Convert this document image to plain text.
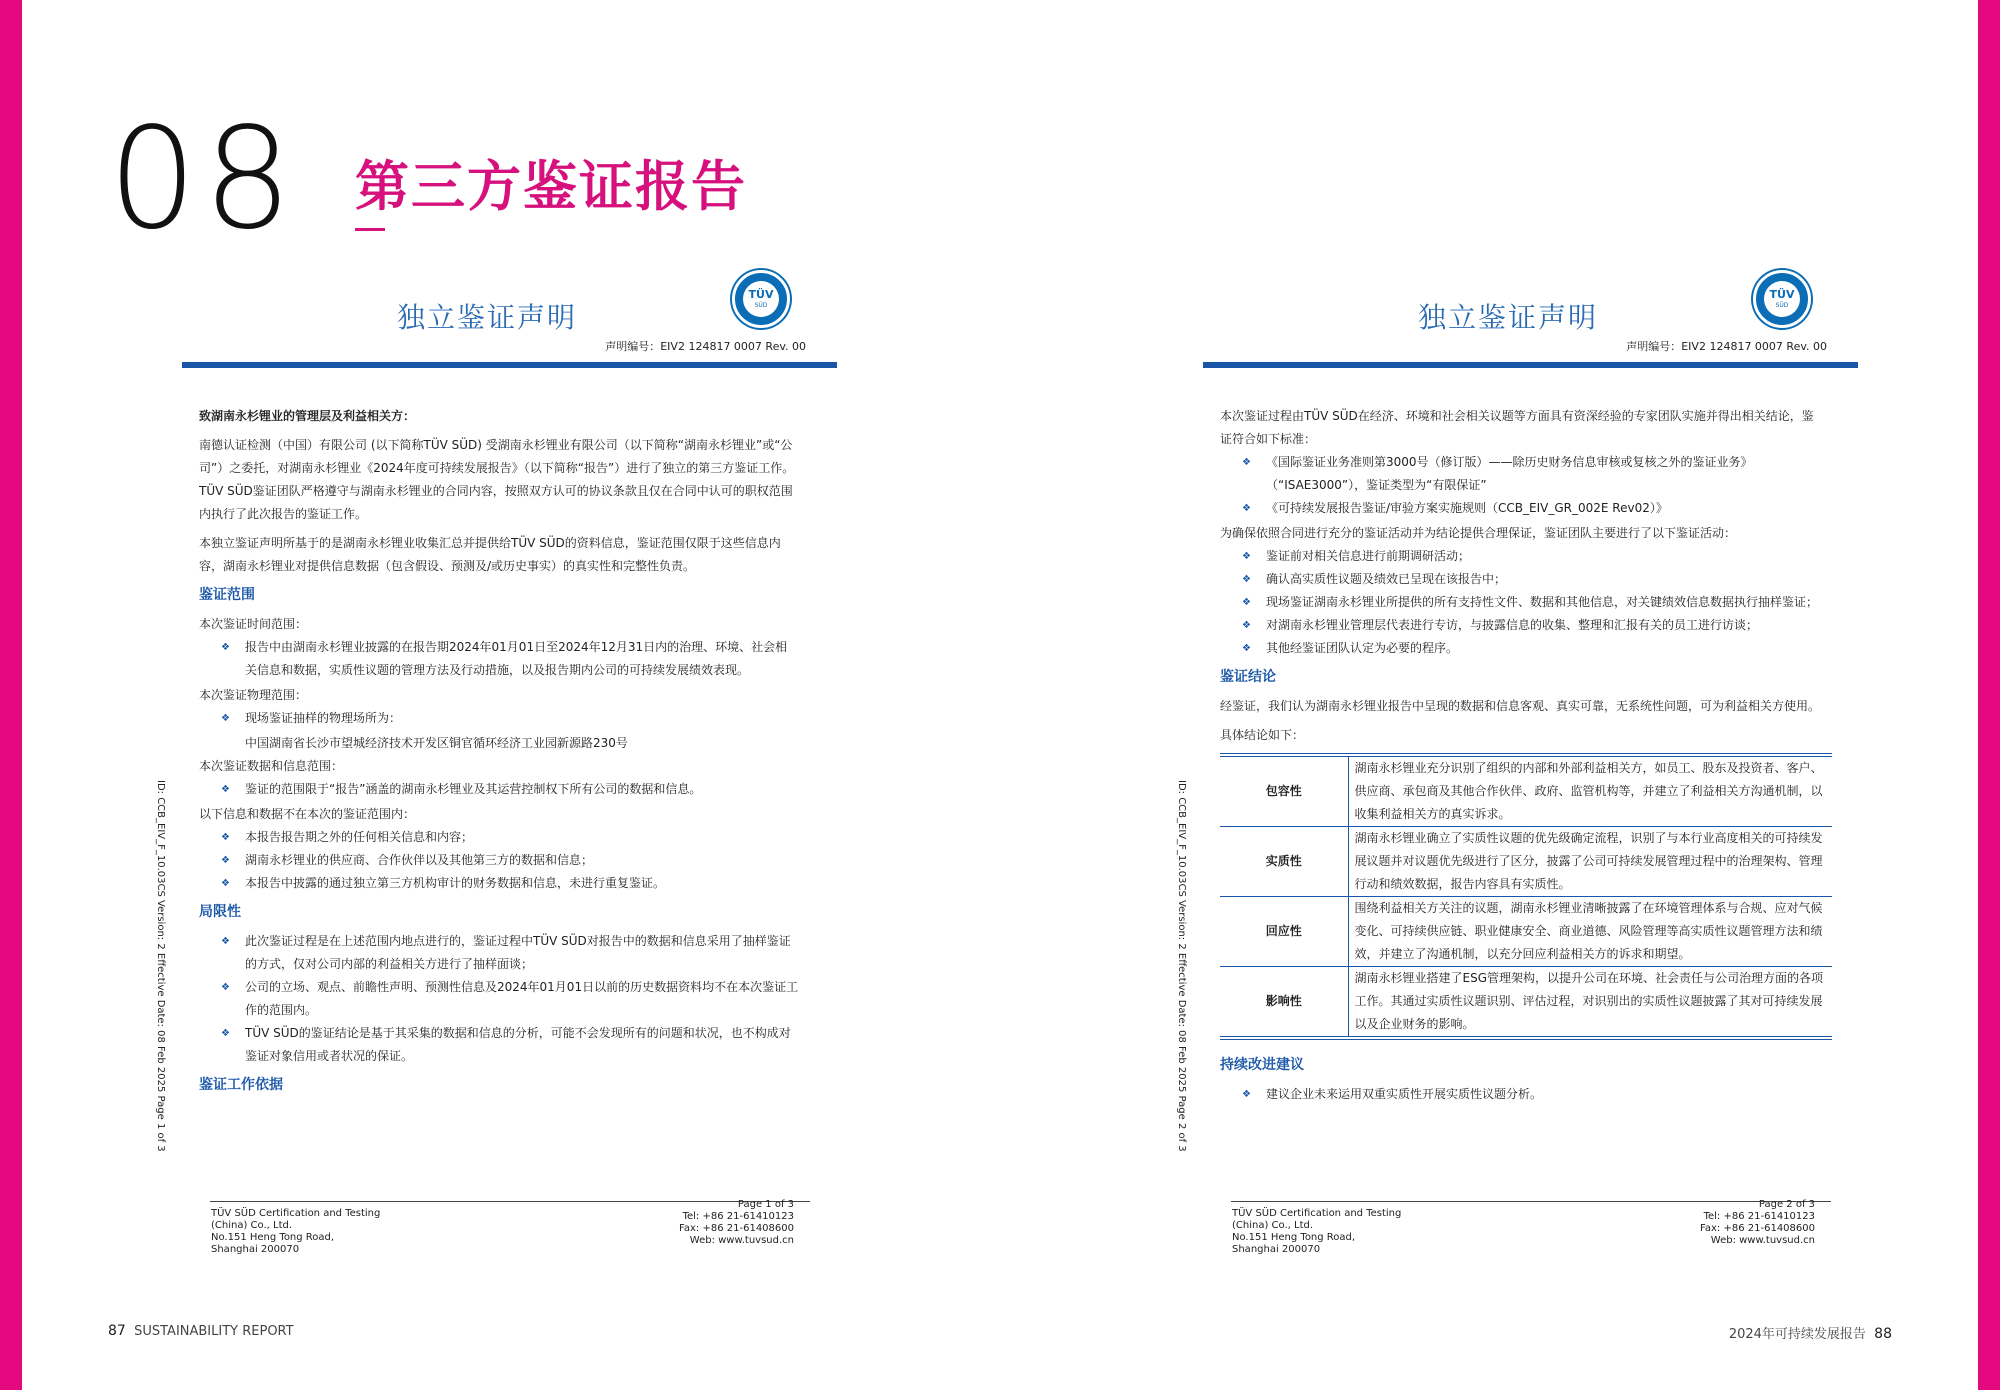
08 第三方鉴证报告
独立鉴证声明
TÜV
SÜD
声明编号：EIV2 124817 0007 Rev. 00
ID: CCB_EIV_F_10.03CS Version: 2 Effective Date: 08 Feb 2025 Page 1 of 3

致湖南永杉锂业的管理层及利益相关方：

南德认证检测（中国）有限公司 (以下简称TÜV SÜD) 受湖南永杉锂业有限公司（以下简称“湖南永杉锂业”或“公司”）之委托，对湖南永杉锂业《2024年度可持续发展报告》（以下简称“报告”）进行了独立的第三方鉴证工作。TÜV SÜD鉴证团队严格遵守与湖南永杉锂业的合同内容，按照双方认可的协议条款且仅在合同中认可的职权范围内执行了此次报告的鉴证工作。

本独立鉴证声明所基于的是湖南永杉锂业收集汇总并提供给TÜV SÜD的资料信息，鉴证范围仅限于这些信息内容，湖南永杉锂业对提供信息数据（包含假设、预测及/或历史事实）的真实性和完整性负责。

鉴证范围
本次鉴证时间范围：
❖ 报告中由湖南永杉锂业披露的在报告期2024年01月01日至2024年12月31日内的治理、环境、社会相关信息和数据，实质性议题的管理方法及行动措施，以及报告期内公司的可持续发展绩效表现。
本次鉴证物理范围：
❖ 现场鉴证抽样的物理场所为：
中国湖南省长沙市望城经济技术开发区铜官循环经济工业园新源路230号
本次鉴证数据和信息范围：
❖ 鉴证的范围限于“报告”涵盖的湖南永杉锂业及其运营控制权下所有公司的数据和信息。
以下信息和数据不在本次的鉴证范围内：
❖ 本报告报告期之外的任何相关信息和内容；
❖ 湖南永杉锂业的供应商、合作伙伴以及其他第三方的数据和信息；
❖ 本报告中披露的通过独立第三方机构审计的财务数据和信息，未进行重复鉴证。
局限性
❖ 此次鉴证过程是在上述范围内地点进行的，鉴证过程中TÜV SÜD对报告中的数据和信息采用了抽样鉴证的方式，仅对公司内部的利益相关方进行了抽样面谈；
❖ 公司的立场、观点、前瞻性声明、预测性信息及2024年01月01日以前的历史数据资料均不在本次鉴证工作的范围内。
❖ TÜV SÜD的鉴证结论是基于其采集的数据和信息的分析，可能不会发现所有的问题和状况，也不构成对鉴证对象信用或者状况的保证。
鉴证工作依据
TÜV SÜD Certification and Testing
(China) Co., Ltd.
No.151 Heng Tong Road,
Shanghai 200070
Page 1 of 3
Tel: +86 21-61410123
Fax: +86 21-61408600
Web: www.tuvsud.cn
独立鉴证声明
TÜV
SÜD
声明编号：EIV2 124817 0007 Rev. 00
ID: CCB_EIV_F_10.03CS Version: 2 Effective Date: 08 Feb 2025 Page 2 of 3

本次鉴证过程由TÜV SÜD在经济、环境和社会相关议题等方面具有资深经验的专家团队实施并得出相关结论，鉴证符合如下标准：

❖ 《国际鉴证业务准则第3000号（修订版）——除历史财务信息审核或复核之外的鉴证业务》（“ISAE3000”），鉴证类型为“有限保证”
❖ 《可持续发展报告鉴证/审验方案实施规则（CCB_EIV_GR_002E Rev02）》
为确保依照合同进行充分的鉴证活动并为结论提供合理保证，鉴证团队主要进行了以下鉴证活动：
❖ 鉴证前对相关信息进行前期调研活动；
❖ 确认高实质性议题及绩效已呈现在该报告中；
❖ 现场鉴证湖南永杉锂业所提供的所有支持性文件、数据和其他信息，对关键绩效信息数据执行抽样鉴证；
❖ 对湖南永杉锂业管理层代表进行专访，与披露信息的收集、整理和汇报有关的员工进行访谈；
❖ 其他经鉴证团队认定为必要的程序。
鉴证结论

经鉴证，我们认为湖南永杉锂业报告中呈现的数据和信息客观、真实可靠，无系统性问题，可为利益相关方使用。

具体结论如下：
包容性	湖南永杉锂业充分识别了组织的内部和外部利益相关方，如员工、股东及投资者、客户、供应商、承包商及其他合作伙伴、政府、监管机构等，并建立了利益相关方沟通机制，以收集利益相关方的真实诉求。
实质性	湖南永杉锂业确立了实质性议题的优先级确定流程，识别了与本行业高度相关的可持续发展议题并对议题优先级进行了区分，披露了公司可持续发展管理过程中的治理架构、管理行动和绩效数据，报告内容具有实质性。
回应性	围绕利益相关方关注的议题，湖南永杉锂业清晰披露了在环境管理体系与合规、应对气候变化、可持续供应链、职业健康安全、商业道德、风险管理等高实质性议题管理方法和绩效，并建立了沟通机制，以充分回应利益相关方的诉求和期望。
影响性	湖南永杉锂业搭建了ESG管理架构，以提升公司在环境、社会责任与公司治理方面的各项工作。其通过实质性议题识别、评估过程，对识别出的实质性议题披露了其对可持续发展以及企业财务的影响。
持续改进建议
❖ 建议企业未来运用双重实质性开展实质性议题分析。
TÜV SÜD Certification and Testing
(China) Co., Ltd.
No.151 Heng Tong Road,
Shanghai 200070
Page 2 of 3
Tel: +86 21-61410123
Fax: +86 21-61408600
Web: www.tuvsud.cn
87 SUSTAINABILITY REPORT	2024年可持续发展报告 88
